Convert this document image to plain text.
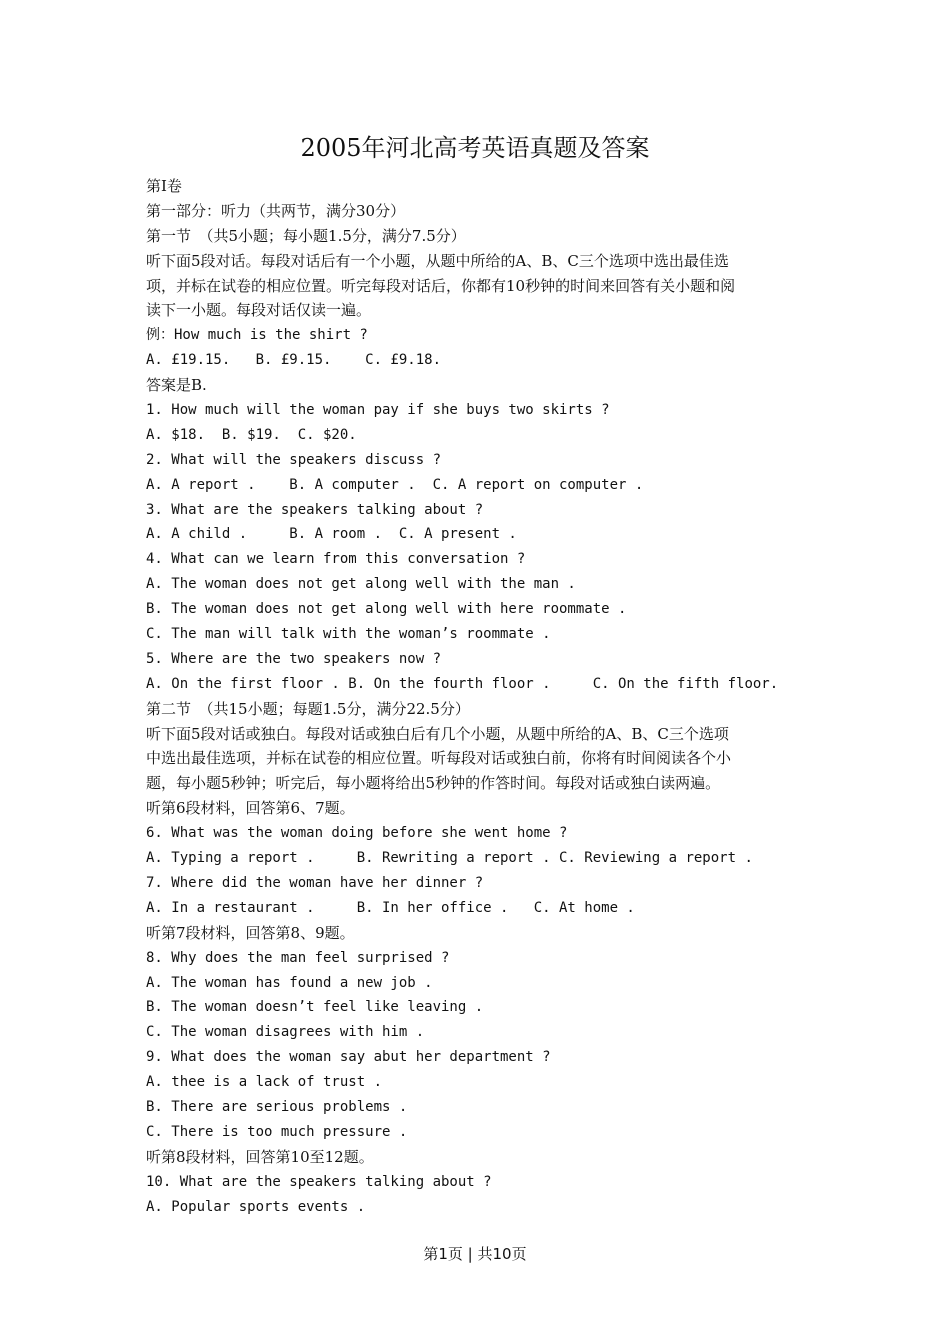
2005年河北高考英语真题及答案
第Ⅰ卷
第一部分：听力（共两节，满分30分）
第一节　（共5小题；每小题1.5分，满分7.5分）
听下面5段对话。每段对话后有一个小题，从题中所给的A、B、C三个选项中选出最佳选
项，并标在试卷的相应位置。听完每段对话后，你都有10秒钟的时间来回答有关小题和阅
读下一小题。每段对话仅读一遍。
例：How much is the shirt ?
A. £19.15.   B. £9.15.    C. £9.18.
答案是B.
1. How much will the woman pay if she buys two skirts ?
A. $18.  B. $19.  C. $20.
2. What will the speakers discuss ?
A. A report .    B. A computer .  C. A report on computer .
3. What are the speakers talking about ?
A. A child .     B. A room .  C. A present .
4. What can we learn from this conversation ?
A. The woman does not get along well with the man .
B. The woman does not get along well with here roommate .
C. The man will talk with the woman’s roommate .
5. Where are the two speakers now ?
A. On the first floor . B. On the fourth floor .     C. On the fifth floor.
第二节　（共15小题；每题1.5分，满分22.5分）
听下面5段对话或独白。每段对话或独白后有几个小题，从题中所给的A、B、C三个选项
中选出最佳选项，并标在试卷的相应位置。听每段对话或独白前，你将有时间阅读各个小
题，每小题5秒钟；听完后，每小题将给出5秒钟的作答时间。每段对话或独白读两遍。
听第6段材料，回答第6、7题。
6. What was the woman doing before she went home ?
A. Typing a report .     B. Rewriting a report . C. Reviewing a report .
7. Where did the woman have her dinner ?
A. In a restaurant .     B. In her office .   C. At home .
听第7段材料，回答第8、9题。
8. Why does the man feel surprised ?
A. The woman has found a new job .
B. The woman doesn’t feel like leaving .
C. The woman disagrees with him .
9. What does the woman say abut her department ?
A. thee is a lack of trust .
B. There are serious problems .
C. There is too much pressure .
听第8段材料，回答第10至12题。
10. What are the speakers talking about ?
A. Popular sports events .
第1页 | 共10页
